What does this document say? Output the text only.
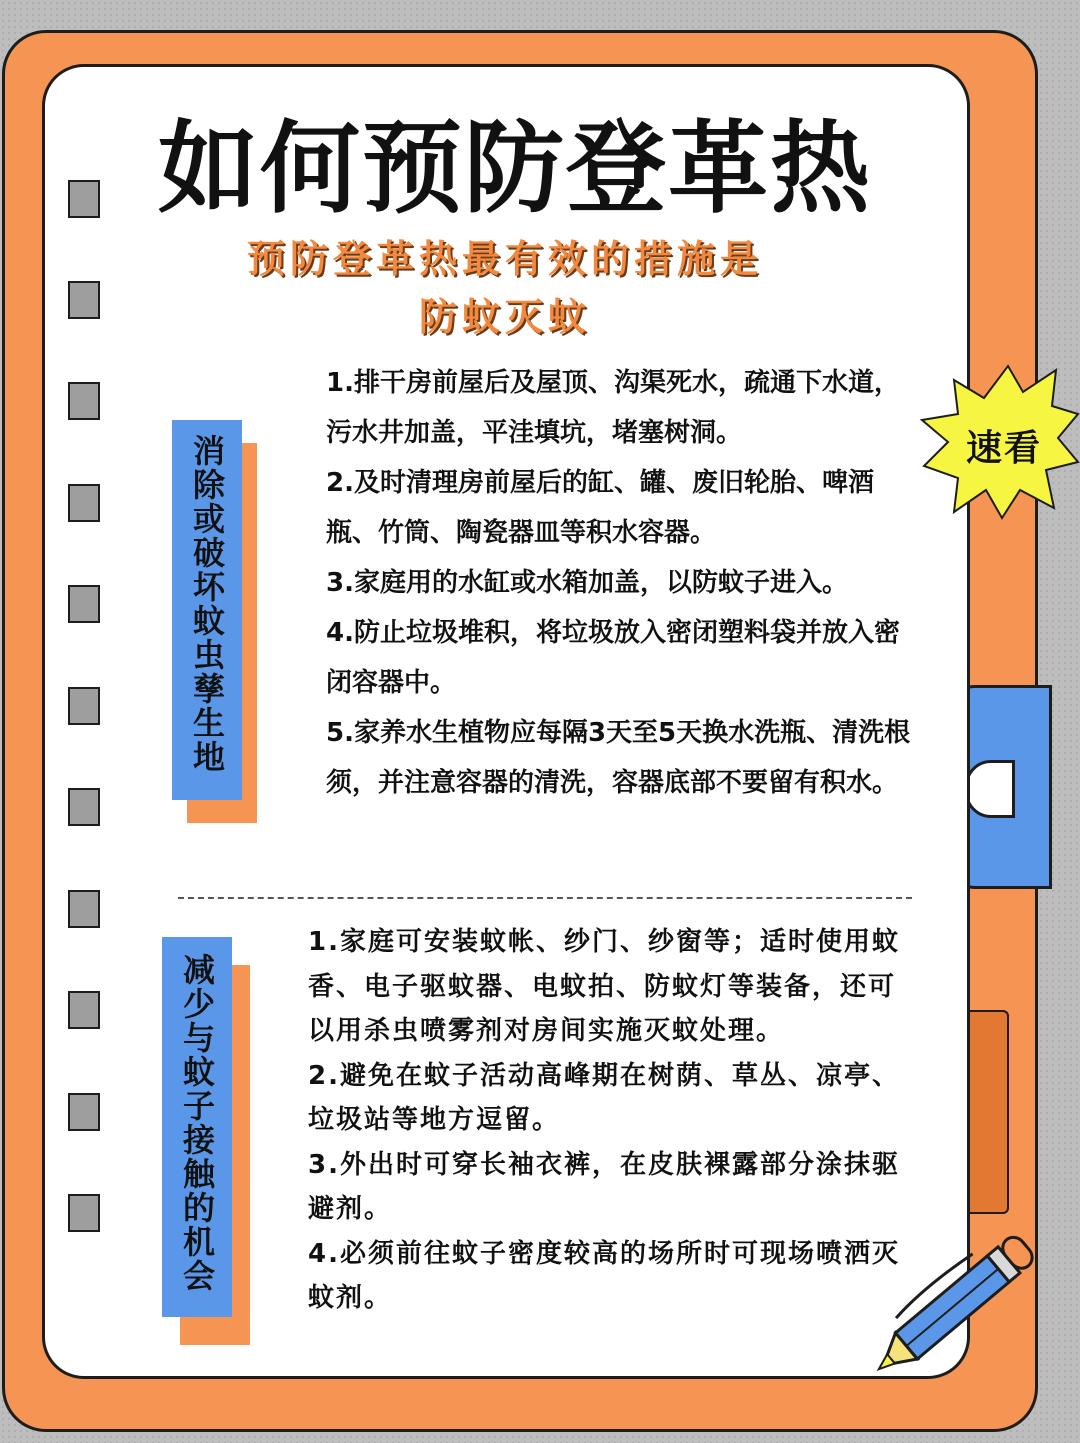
如何预防登革热
预防登革热最有效的措施是
防蚊灭蚊
速看
消除或破坏蚊虫孳生地
1.排干房前屋后及屋顶、沟渠死水，疏通下水道，污水井加盖，平洼填坑，堵塞树洞。
2.及时清理房前屋后的缸、罐、废旧轮胎、啤酒瓶、竹筒、陶瓷器皿等积水容器。
3.家庭用的水缸或水箱加盖，以防蚊子进入。
4.防止垃圾堆积，将垃圾放入密闭塑料袋并放入密闭容器中。
5.家养水生植物应每隔3天至5天换水洗瓶、清洗根须，并注意容器的清洗，容器底部不要留有积水。
减少与蚊子接触的机会
1.家庭可安装蚊帐、纱门、纱窗等；适时使用蚊香、电子驱蚊器、电蚊拍、防蚊灯等装备，还可以用杀虫喷雾剂对房间实施灭蚊处理。
2.避免在蚊子活动高峰期在树荫、草丛、凉亭、垃圾站等地方逗留。
3.外出时可穿长袖衣裤，在皮肤裸露部分涂抹驱避剂。
4.必须前往蚊子密度较高的场所时可现场喷洒灭蚊剂。
